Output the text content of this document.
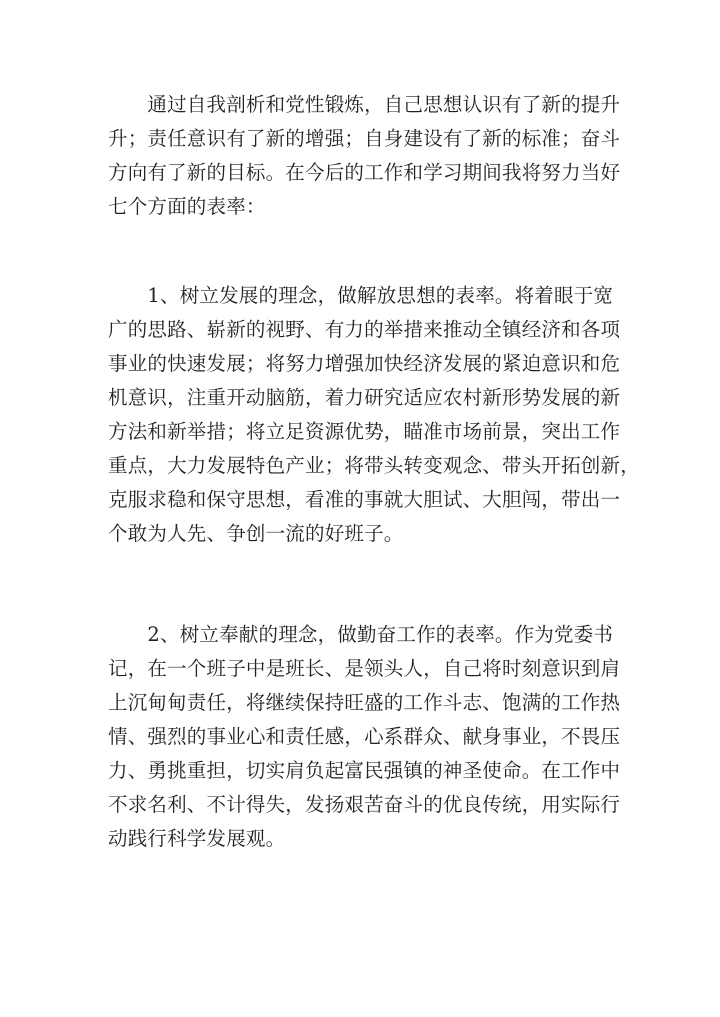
　　通过自我剖析和党性锻炼，自己思想认识有了新的提升
升；责任意识有了新的增强；自身建设有了新的标准；奋斗
方向有了新的目标。在今后的工作和学习期间我将努力当好
七个方面的表率：
　　1、树立发展的理念，做解放思想的表率。将着眼于宽
广的思路、崭新的视野、有力的举措来推动全镇经济和各项
事业的快速发展；将努力增强加快经济发展的紧迫意识和危
机意识，注重开动脑筋，着力研究适应农村新形势发展的新
方法和新举措；将立足资源优势，瞄准市场前景，突出工作
重点，大力发展特色产业；将带头转变观念、带头开拓创新，
克服求稳和保守思想，看准的事就大胆试、大胆闯，带出一
个敢为人先、争创一流的好班子。
　　2、树立奉献的理念，做勤奋工作的表率。作为党委书
记，在一个班子中是班长、是领头人，自己将时刻意识到肩
上沉甸甸责任，将继续保持旺盛的工作斗志、饱满的工作热
情、强烈的事业心和责任感，心系群众、献身事业，不畏压
力、勇挑重担，切实肩负起富民强镇的神圣使命。在工作中
不求名利、不计得失，发扬艰苦奋斗的优良传统，用实际行
动践行科学发展观。
